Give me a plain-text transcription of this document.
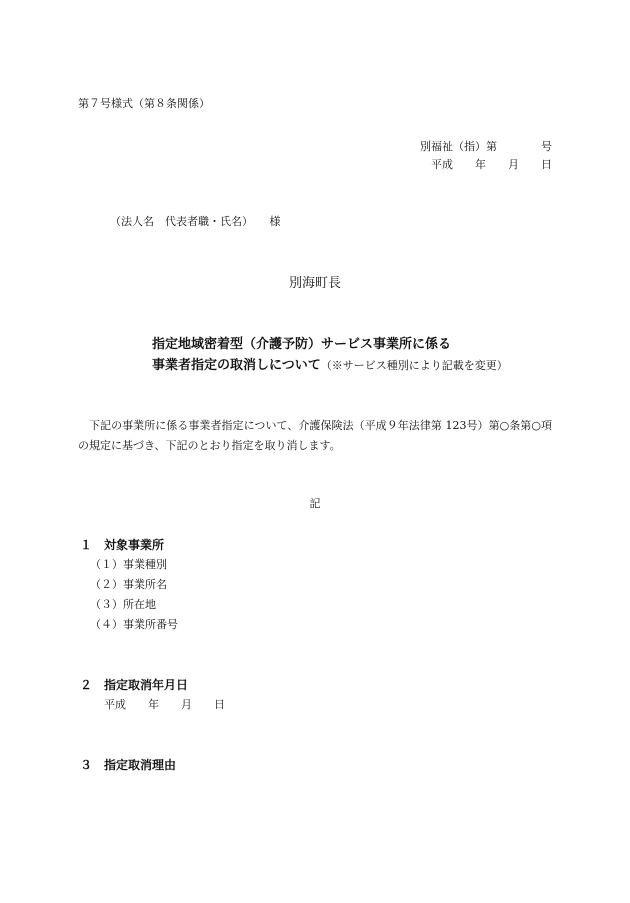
第７号様式（第８条関係）
別福祉（指）第　　　　号
平成　　年　　月　　日
（法人名　代表者職・氏名）　　様
別海町長
指定地域密着型（介護予防）サービス事業所に係る
事業者指定の取消しについて（※サービス種別により記載を変更）
下記の事業所に係る事業者指定について、介護保険法（平成９年法律第 123号）第○条第○項の規定に基づき、下記のとおり指定を取り消します。
記
１　対象事業所
（１）事業種別
（２）事業所名
（３）所在地
（４）事業所番号
２　指定取消年月日
平成　　年　　月　　日
３　指定取消理由
